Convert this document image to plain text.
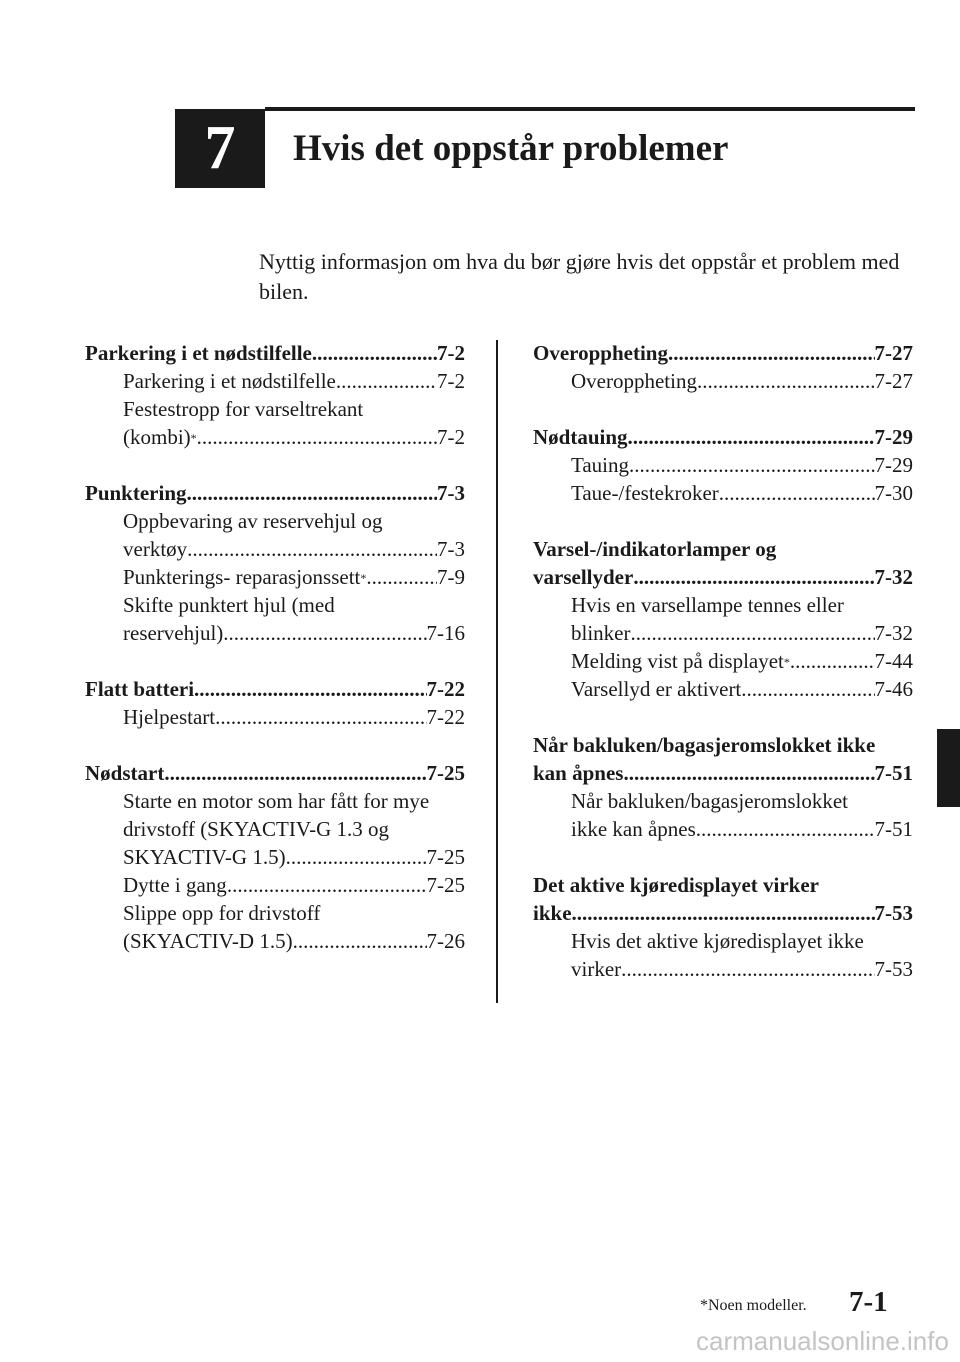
7	Hvis det oppstår problemer
Nyttig informasjon om hva du bør gjøre hvis det oppstår et problem med bilen.
Parkering i et nødstilfelle .....	7-2
Parkering i et nødstilfelle .....	7-2
Festestropp for varseltrekant
(kombi)* .....	7-2
Punktering .....	7-3
Oppbevaring av reservehjul og
verktøy .....	7-3
Punkterings- reparasjonssett* .....	7-9
Skifte punktert hjul (med
reservehjul) .....	7-16
Flatt batteri .....	7-22
Hjelpestart .....	7-22
Nødstart .....	7-25
Starte en motor som har fått for mye
drivstoff (SKYACTIV-G 1.3 og
SKYACTIV-G 1.5) .....	7-25
Dytte i gang .....	7-25
Slippe opp for drivstoff
(SKYACTIV-D 1.5) .....	7-26
Overoppheting .....	7-27
Overoppheting .....	7-27
Nødtauing .....	7-29
Tauing .....	7-29
Taue-/festekroker .....	7-30
Varsel-/indikatorlamper og
varsellyder .....	7-32
Hvis en varsellampe tennes eller
blinker .....	7-32
Melding vist på displayet* .....	7-44
Varsellyd er aktivert .....	7-46
Når bakluken/bagasjeromslokket ikke
kan åpnes .....	7-51
Når bakluken/bagasjeromslokket
ikke kan åpnes .....	7-51
Det aktive kjøredisplayet virker
ikke .....	7-53
Hvis det aktive kjøredisplayet ikke
virker .....	7-53
*Noen modeller. 7-1
carmanualsonline.info
